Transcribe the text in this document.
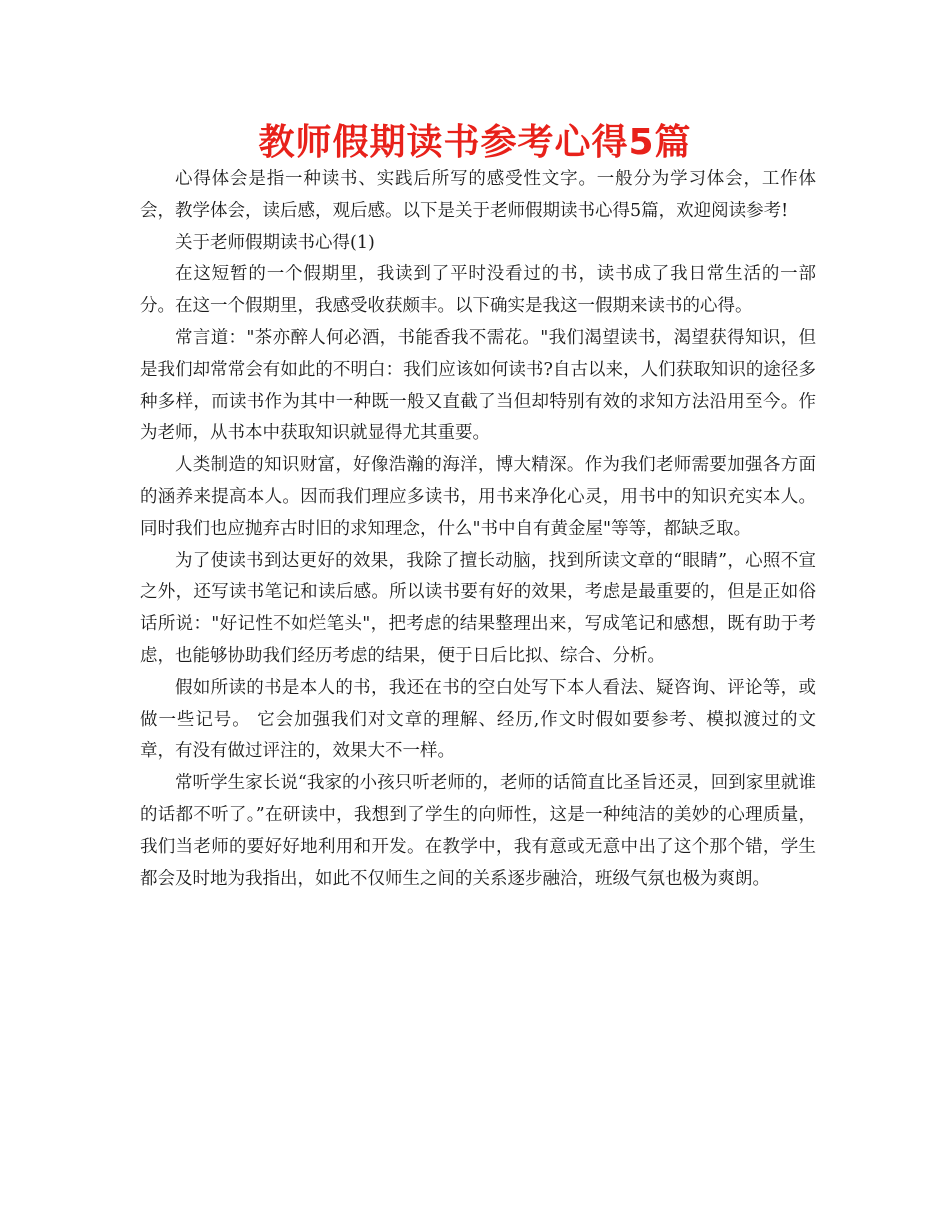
教师假期读书参考心得5篇

心得体会是指一种读书、实践后所写的感受性文字。一般分为学习体会，工作体会，教学体会，读后感，观后感。以下是关于老师假期读书心得5篇，欢迎阅读参考!

关于老师假期读书心得(1)

在这短暂的一个假期里，我读到了平时没看过的书，读书成了我日常生活的一部分。在这一个假期里，我感受收获颇丰。以下确实是我这一假期来读书的心得。

常言道："茶亦醉人何必酒，书能香我不需花。"我们渴望读书，渴望获得知识，但是我们却常常会有如此的不明白：我们应该如何读书?自古以来，人们获取知识的途径多种多样，而读书作为其中一种既一般又直截了当但却特别有效的求知方法沿用至今。作为老师，从书本中获取知识就显得尤其重要。

人类制造的知识财富，好像浩瀚的海洋，博大精深。作为我们老师需要加强各方面的涵养来提高本人。因而我们理应多读书，用书来净化心灵，用书中的知识充实本人。同时我们也应抛弃古时旧的求知理念，什么"书中自有黄金屋"等等，都缺乏取。

为了使读书到达更好的效果，我除了擅长动脑，找到所读文章的“眼睛”，心照不宣之外，还写读书笔记和读后感。所以读书要有好的效果，考虑是最重要的，但是正如俗话所说："好记性不如烂笔头"，把考虑的结果整理出来，写成笔记和感想，既有助于考虑，也能够协助我们经历考虑的结果，便于日后比拟、综合、分析。

假如所读的书是本人的书，我还在书的空白处写下本人看法、疑咨询、评论等，或做一些记号。 它会加强我们对文章的理解、经历,作文时假如要参考、模拟渡过的文章，有没有做过评注的，效果大不一样。

常听学生家长说“我家的小孩只听老师的，老师的话简直比圣旨还灵，回到家里就谁的话都不听了。”在研读中，我想到了学生的向师性，这是一种纯洁的美妙的心理质量，我们当老师的要好好地利用和开发。在教学中，我有意或无意中出了这个那个错，学生都会及时地为我指出，如此不仅师生之间的关系逐步融洽，班级气氛也极为爽朗。
